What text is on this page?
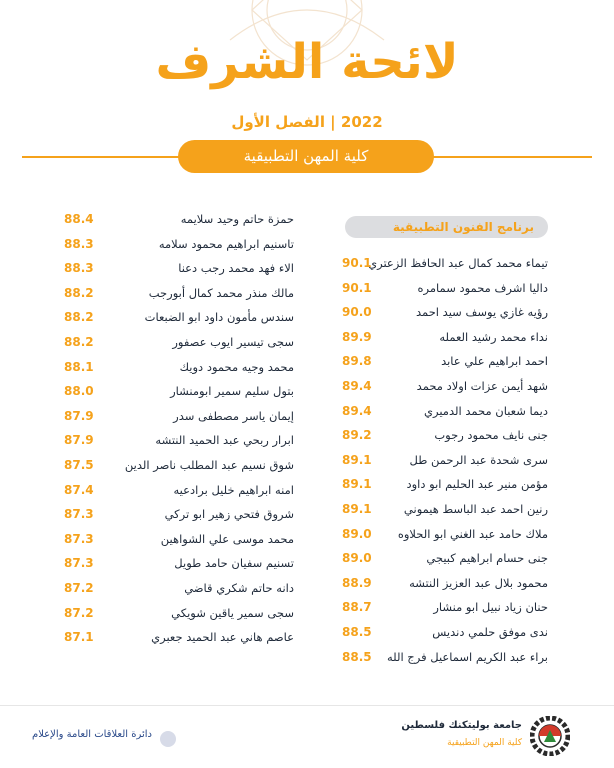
لائحة الشرف
2022 | الفصل الأول
كلية المهن التطبيقية
برنامج الفنون التطبيقية
تيماء محمد كمال عبد الحافظ الزعتري
90.1
داليا اشرف محمود سمامره
90.1
رؤيه غازي يوسف سيد احمد
90.0
نداء محمد رشيد العمله
89.9
احمد ابراهيم علي عابد
89.8
شهد أيمن عزات اولاد محمد
89.4
ديما شعبان محمد الدميري
89.4
جنى نايف محمود رجوب
89.2
سرى شحدة عبد الرحمن طل
89.1
مؤمن منير عبد الحليم ابو داود
89.1
رنين احمد عبد الباسط هيموني
89.1
ملاك حامد عبد الغني ابو الحلاوه
89.0
جنى حسام ابراهيم كبيجي
89.0
محمود بلال عبد العزيز النتشه
88.9
حنان زياد نبيل ابو منشار
88.7
ندى موفق حلمي دنديس
88.5
براء عبد الكريم اسماعيل فرج الله
88.5
حمزة حاتم وحيد سلايمه
88.4
تاسنيم ابراهيم محمود سلامه
88.3
الاء فهد محمد رجب دعنا
88.3
مالك منذر محمد كمال أبورجب
88.2
سندس مأمون داود ابو الضبعات
88.2
سجى تيسير ايوب عصفور
88.2
محمد وجيه محمود دويك
88.1
بتول سليم سمير ابومنشار
88.0
إيمان ياسر مصطفى سدر
87.9
ابرار ربحي عبد الحميد النتشه
87.9
شوق نسيم عبد المطلب ناصر الدين
87.5
امنه ابراهيم خليل برادعيه
87.4
شروق فتحي زهير ابو تركي
87.3
محمد موسى علي الشواهين
87.3
تسنيم سفيان حامد طويل
87.3
دانه حاتم شكري قاضي
87.2
سجى سمير ياقين شويكي
87.2
عاصم هاني عبد الحميد جعبري
87.1
جامعة بوليتكنك فلسطين
كلية المهن التطبيقية
دائرة العلاقات العامة والإعلام
